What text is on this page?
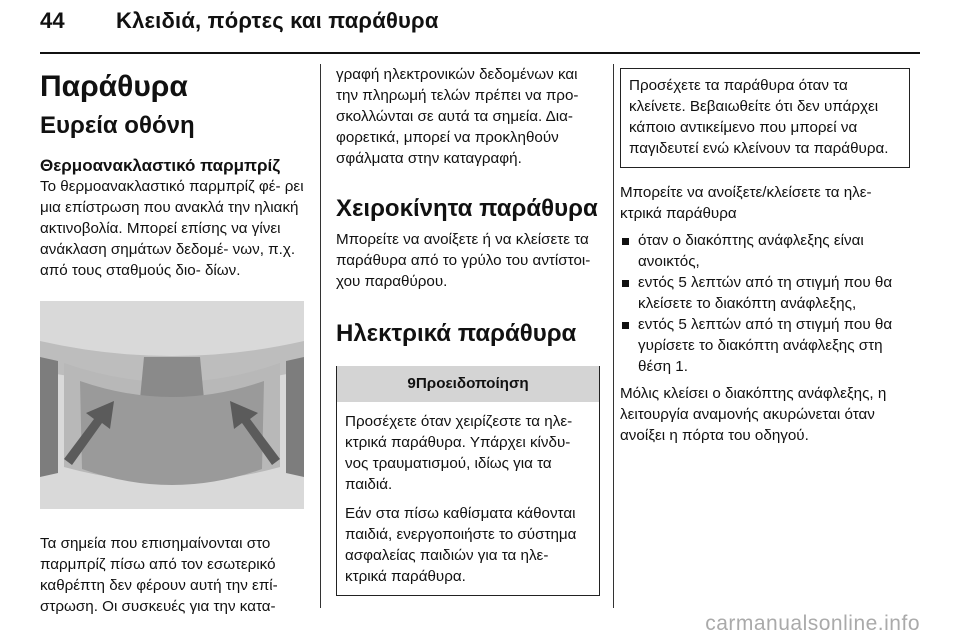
44 Κλειδιά, πόρτες και παράθυρα
Παράθυρα
Ευρεία οθόνη
Θερμοανακλαστικό παρμπρίζ

Το θερμοανακλαστικό παρμπρίζ φέ‑ ρει μια επίστρωση που ανακλά την ηλιακή ακτινοβολία. Μπορεί επίσης να γίνει ανάκλαση σημάτων δεδομέ‑ νων, π.χ. από τους σταθμούς διο‑ δίων.

Τα σημεία που επισημαίνονται στο παρμπρίζ πίσω από τον εσωτερικό καθρέπτη δεν φέρουν αυτή την επί‑ στρωση. Οι συσκευές για την κατα‑

γραφή ηλεκτρονικών δεδομένων και την πληρωμή τελών πρέπει να προ‑ σκολλώνται σε αυτά τα σημεία. Δια‑ φορετικά, μπορεί να προκληθούν σφάλματα στην καταγραφή.

Χειροκίνητα παράθυρα

Μπορείτε να ανοίξετε ή να κλείσετε τα παράθυρα από το γρύλο του αντίστοι‑ χου παραθύρου.

Ηλεκτρικά παράθυρα
9Προειδοποίηση

Προσέχετε όταν χειρίζεστε τα ηλε‑ κτρικά παράθυρα. Υπάρχει κίνδυ‑ νος τραυματισμού, ιδίως για τα παιδιά.

Εάν στα πίσω καθίσματα κάθονται παιδιά, ενεργοποιήστε το σύστημα ασφαλείας παιδιών για τα ηλε‑ κτρικά παράθυρα.

Προσέχετε τα παράθυρα όταν τα κλείνετε. Βεβαιωθείτε ότι δεν υπάρχει κάποιο αντικείμενο που μπορεί να παγιδευτεί ενώ κλείνουν τα παράθυρα.

Μπορείτε να ανοίξετε/κλείσετε τα ηλε‑ κτρικά παράθυρα

όταν ο διακόπτης ανάφλεξης είναι ανοικτός,
εντός 5 λεπτών από τη στιγμή που θα κλείσετε το διακόπτη ανάφλεξης,
εντός 5 λεπτών από τη στιγμή που θα γυρίσετε το διακόπτη ανάφλεξης στη θέση 1.

Μόλις κλείσει ο διακόπτης ανάφλεξης, η λειτουργία αναμονής ακυρώνεται όταν ανοίξει η πόρτα του οδηγού.

carmanualsonline.info
